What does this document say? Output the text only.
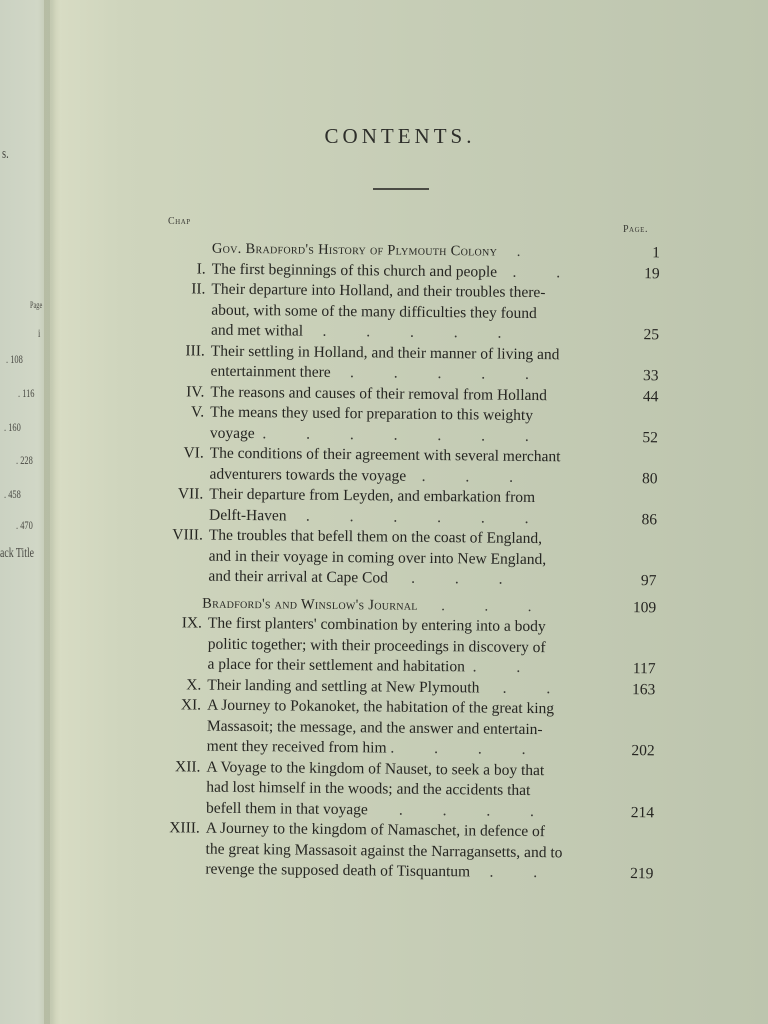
s.
Page
i
. 108
. 116
. 160
. 228
. 458
. 470
ack Title
CONTENTS.
Chap
Page.
Gov. Bradford's History of Plymouth Colony .	1
I. The first beginnings of this church and people . .	19
II. Their departure into Holland, and their troubles there-
about, with some of the many difficulties they found
and met withal . . . . .	25
III. Their settling in Holland, and their manner of living and
entertainment there . . . . .	33
IV. The reasons and causes of their removal from Holland	44
V. The means they used for preparation to this weighty
voyage . . . . . . .	52
VI. The conditions of their agreement with several merchant
adventurers towards the voyage . . .	80
VII. Their departure from Leyden, and embarkation from
Delft-Haven . . . . . .	86
VIII. The troubles that befell them on the coast of England,
and in their voyage in coming over into New England,
and their arrival at Cape Cod . . .	97
Bradford's and Winslow's Journal . . .	109
IX. The first planters' combination by entering into a body
politic together; with their proceedings in discovery of
a place for their settlement and habitation . .	117
X. Their landing and settling at New Plymouth . .	163
XI. A Journey to Pokanoket, the habitation of the great king
Massasoit; the message, and the answer and entertain-
ment they received from him . . . .	202
XII. A Voyage to the kingdom of Nauset, to seek a boy that
had lost himself in the woods; and the accidents that
befell them in that voyage . . . .	214
XIII. A Journey to the kingdom of Namaschet, in defence of
the great king Massasoit against the Narragansetts, and to
revenge the supposed death of Tisquantum . .	219
